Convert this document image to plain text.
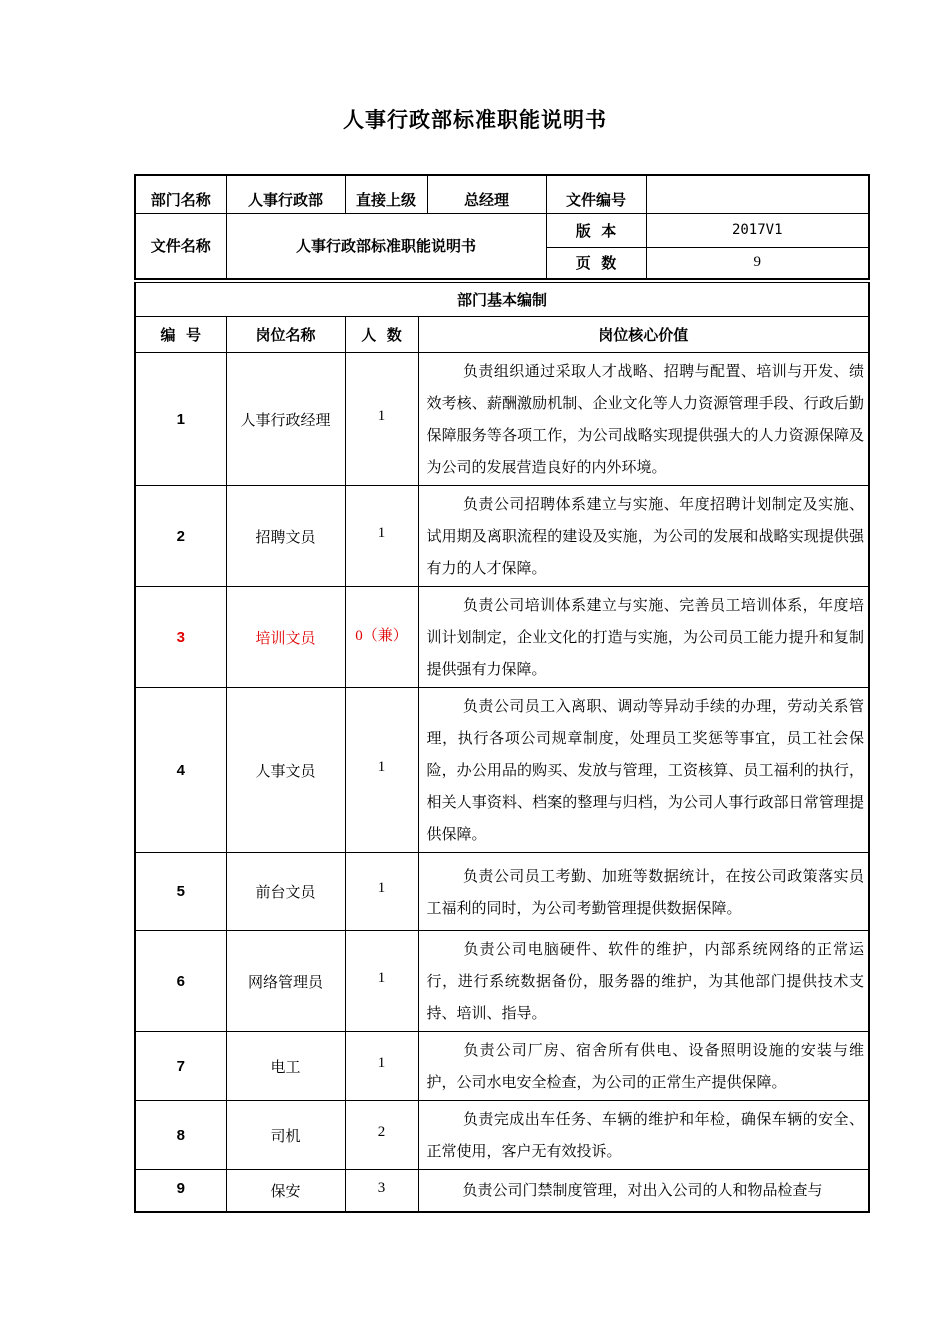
人事行政部标准职能说明书
部门名称	人事行政部	直接上级	总经理	文件编号	
文件名称	人事行政部标准职能说明书			版  本	2017V1
				页  数	9
部门基本编制			
编  号	岗位名称	人  数	岗位核心价值
1	人事行政经理	1	负责组织通过采取人才战略、招聘与配置、培训与开发、绩效考核、薪酬激励机制、企业文化等人力资源管理手段、行政后勤保障服务等各项工作，为公司战略实现提供强大的人力资源保障及为公司的发展营造良好的内外环境。
2	招聘文员	1	负责公司招聘体系建立与实施、年度招聘计划制定及实施、试用期及离职流程的建设及实施，为公司的发展和战略实现提供强有力的人才保障。
3	培训文员	0（兼）	负责公司培训体系建立与实施、完善员工培训体系，年度培训计划制定，企业文化的打造与实施，为公司员工能力提升和复制提供强有力保障。
4	人事文员	1	负责公司员工入离职、调动等异动手续的办理，劳动关系管理，执行各项公司规章制度，处理员工奖惩等事宜，员工社会保险，办公用品的购买、发放与管理，工资核算、员工福利的执行，相关人事资料、档案的整理与归档，为公司人事行政部日常管理提供保障。
5	前台文员	1	负责公司员工考勤、加班等数据统计，在按公司政策落实员工福利的同时，为公司考勤管理提供数据保障。
6	网络管理员	1	负责公司电脑硬件、软件的维护，内部系统网络的正常运行，进行系统数据备份，服务器的维护，为其他部门提供技术支持、培训、指导。
7	电工	1	负责公司厂房、宿舍所有供电、设备照明设施的安装与维护，公司水电安全检查，为公司的正常生产提供保障。
8	司机	2	负责完成出车任务、车辆的维护和年检，确保车辆的安全、正常使用，客户无有效投诉。
9	保安	3	负责公司门禁制度管理，对出入公司的人和物品检查与
